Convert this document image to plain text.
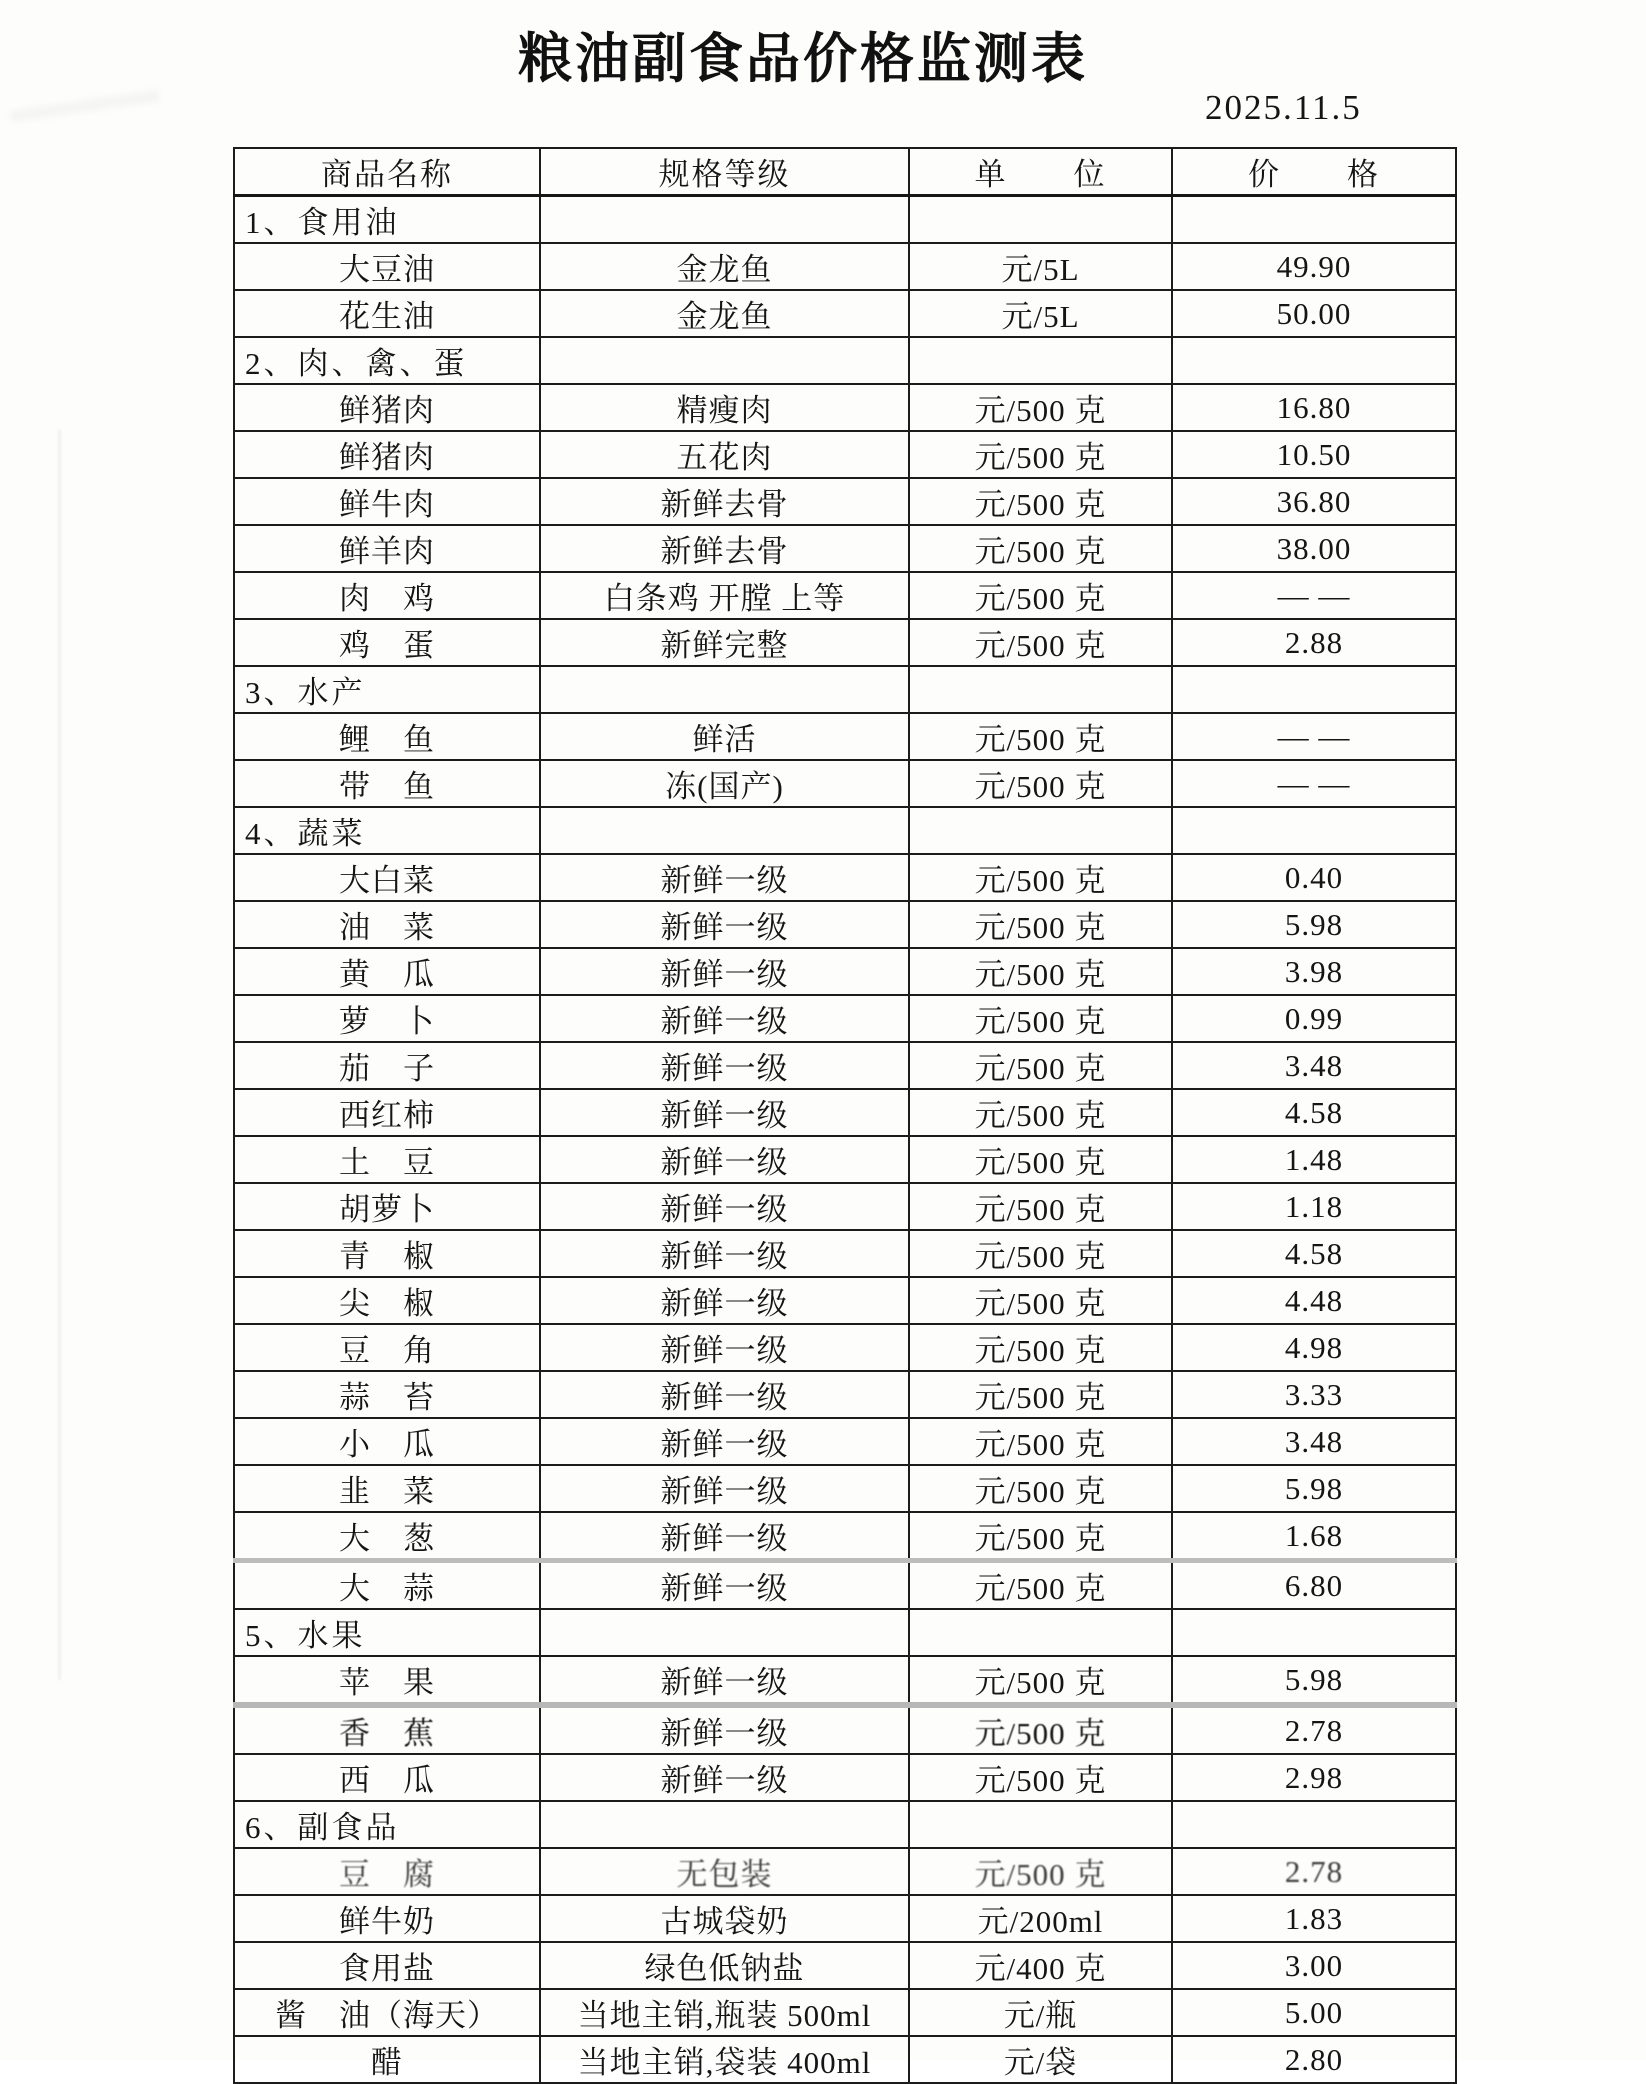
粮油副食品价格监测表
2025.11.5
商品名称	规格等级	单　　位	价　　格
1、食用油			
大豆油	金龙鱼	元/5L	49.90
花生油	金龙鱼	元/5L	50.00
2、肉、禽、蛋			
鲜猪肉	精瘦肉	元/500 克	16.80
鲜猪肉	五花肉	元/500 克	10.50
鲜牛肉	新鲜去骨	元/500 克	36.80
鲜羊肉	新鲜去骨	元/500 克	38.00
肉　鸡	白条鸡 开膛 上等	元/500 克	— —
鸡　蛋	新鲜完整	元/500 克	2.88
3、水产			
鲤　鱼	鲜活	元/500 克	— —
带　鱼	冻(国产)	元/500 克	— —
4、蔬菜			
大白菜	新鲜一级	元/500 克	0.40
油　菜	新鲜一级	元/500 克	5.98
黄　瓜	新鲜一级	元/500 克	3.98
萝　卜	新鲜一级	元/500 克	0.99
茄　子	新鲜一级	元/500 克	3.48
西红柿	新鲜一级	元/500 克	4.58
土　豆	新鲜一级	元/500 克	1.48
胡萝卜	新鲜一级	元/500 克	1.18
青　椒	新鲜一级	元/500 克	4.58
尖　椒	新鲜一级	元/500 克	4.48
豆　角	新鲜一级	元/500 克	4.98
蒜　苔	新鲜一级	元/500 克	3.33
小　瓜	新鲜一级	元/500 克	3.48
韭　菜	新鲜一级	元/500 克	5.98
大　葱	新鲜一级	元/500 克	1.68
大　蒜	新鲜一级	元/500 克	6.80
5、水果			
苹　果	新鲜一级	元/500 克	5.98
香　蕉	新鲜一级	元/500 克	2.78
西　瓜	新鲜一级	元/500 克	2.98
6、副食品			
豆　腐	无包装	元/500 克	2.78
鲜牛奶	古城袋奶	元/200ml	1.83
食用盐	绿色低钠盐	元/400 克	3.00
酱　油（海天）	当地主销,瓶装 500ml	元/瓶	5.00
醋	当地主销,袋装 400ml	元/袋	2.80
